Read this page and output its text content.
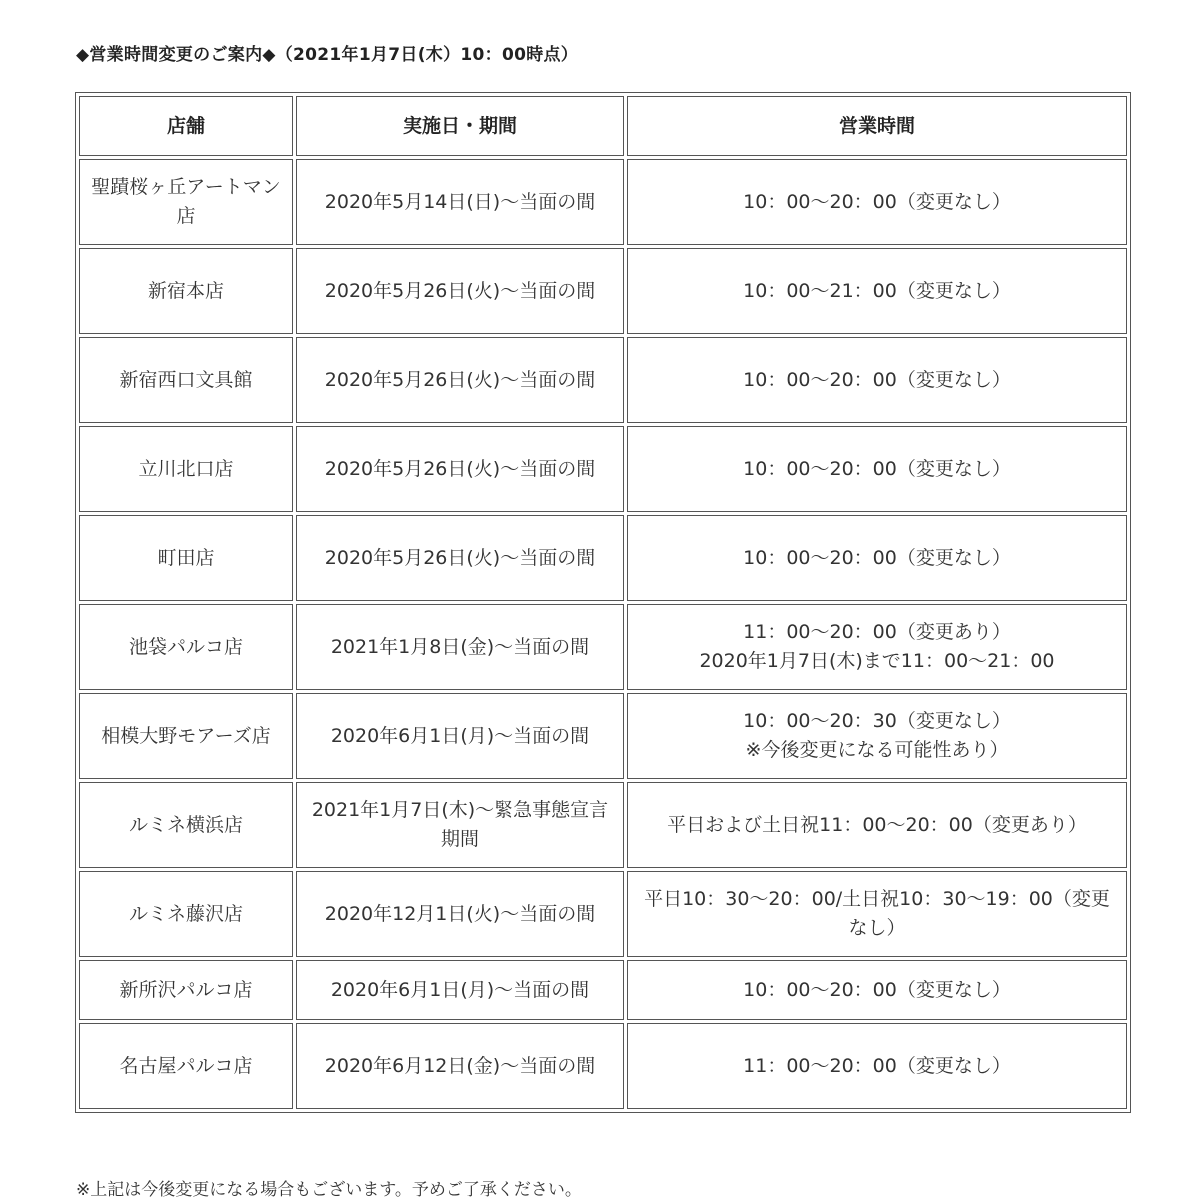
◆営業時間変更のご案内◆（2021年1月7日(木）10：00時点）
店舗	実施日・期間	営業時間
聖蹟桜ヶ丘アートマン店	2020年5月14日(日)～当面の間	10：00～20：00（変更なし）

新宿本店	2020年5月26日(火)～当面の間	10：00～21：00（変更なし）

新宿西口文具館	2020年5月26日(火)～当面の間	10：00～20：00（変更なし）

立川北口店	2020年5月26日(火)～当面の間	10：00～20：00（変更なし）

町田店	2020年5月26日(火)～当面の間	10：00～20：00（変更なし）

池袋パルコ店	2021年1月8日(金)～当面の間	11：00～20：00（変更あり）
2020年1月7日(木)まで11：00～21：00

相模大野モアーズ店	2020年6月1日(月)～当面の間	10：00～20：30（変更なし）
※今後変更になる可能性あり）

ルミネ横浜店	2021年1月7日(木)～緊急事態宣言期間	平日および土日祝11：00～20：00（変更あり）

ルミネ藤沢店	2020年12月1日(火)～当面の間	平日10：30～20：00/土日祝10：30～19：00（変更なし）

新所沢パルコ店	2020年6月1日(月)～当面の間	10：00～20：00（変更なし）

名古屋パルコ店	2020年6月12日(金)～当面の間	11：00～20：00（変更なし）
※上記は今後変更になる場合もございます。予めご了承ください。
